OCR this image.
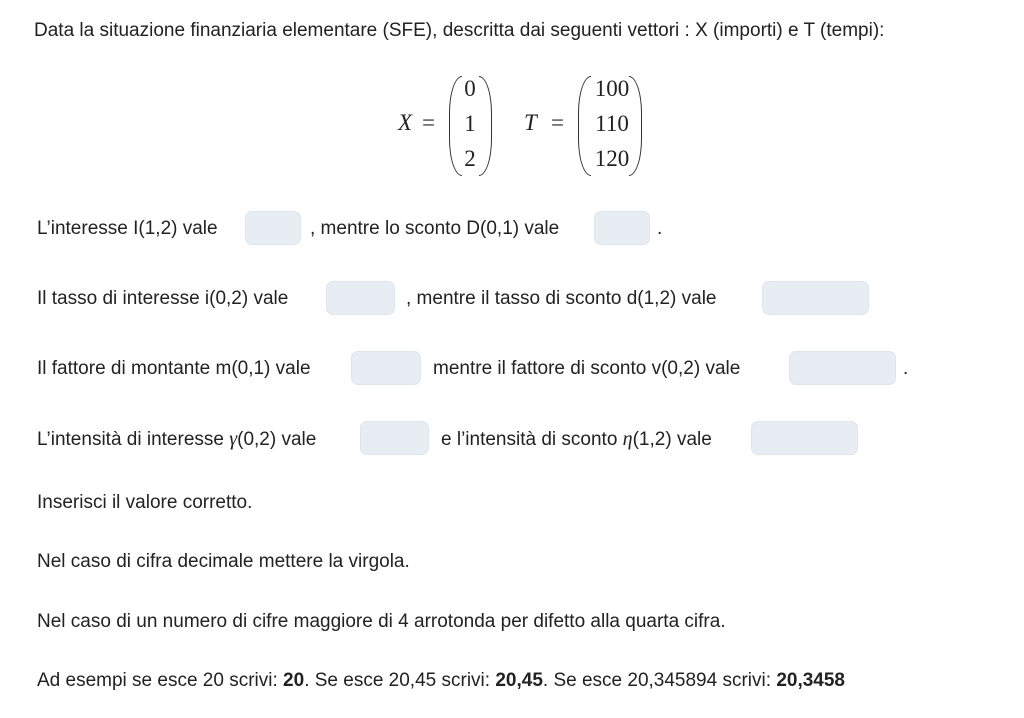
Data la situazione finanziaria elementare (SFE), descritta dai seguenti vettori : X (importi) e T (tempi):
X =
0
1
2
T =
100
110
120
L’interesse I(1,2) vale	, mentre lo sconto D(0,1) vale	.
Il tasso di interesse i(0,2) vale	, mentre il tasso di sconto d(1,2) vale
Il fattore di montante m(0,1) vale	mentre il fattore di sconto v(0,2) vale	.
L’intensità di interesse γ(0,2) vale	e l’intensità di sconto η(1,2) vale
Inserisci il valore corretto.
Nel caso di cifra decimale mettere la virgola.
Nel caso di un numero di cifre maggiore di 4 arrotonda per difetto alla quarta cifra.
Ad esempi se esce 20 scrivi: 20. Se esce 20,45 scrivi: 20,45. Se esce 20,345894 scrivi: 20,3458
